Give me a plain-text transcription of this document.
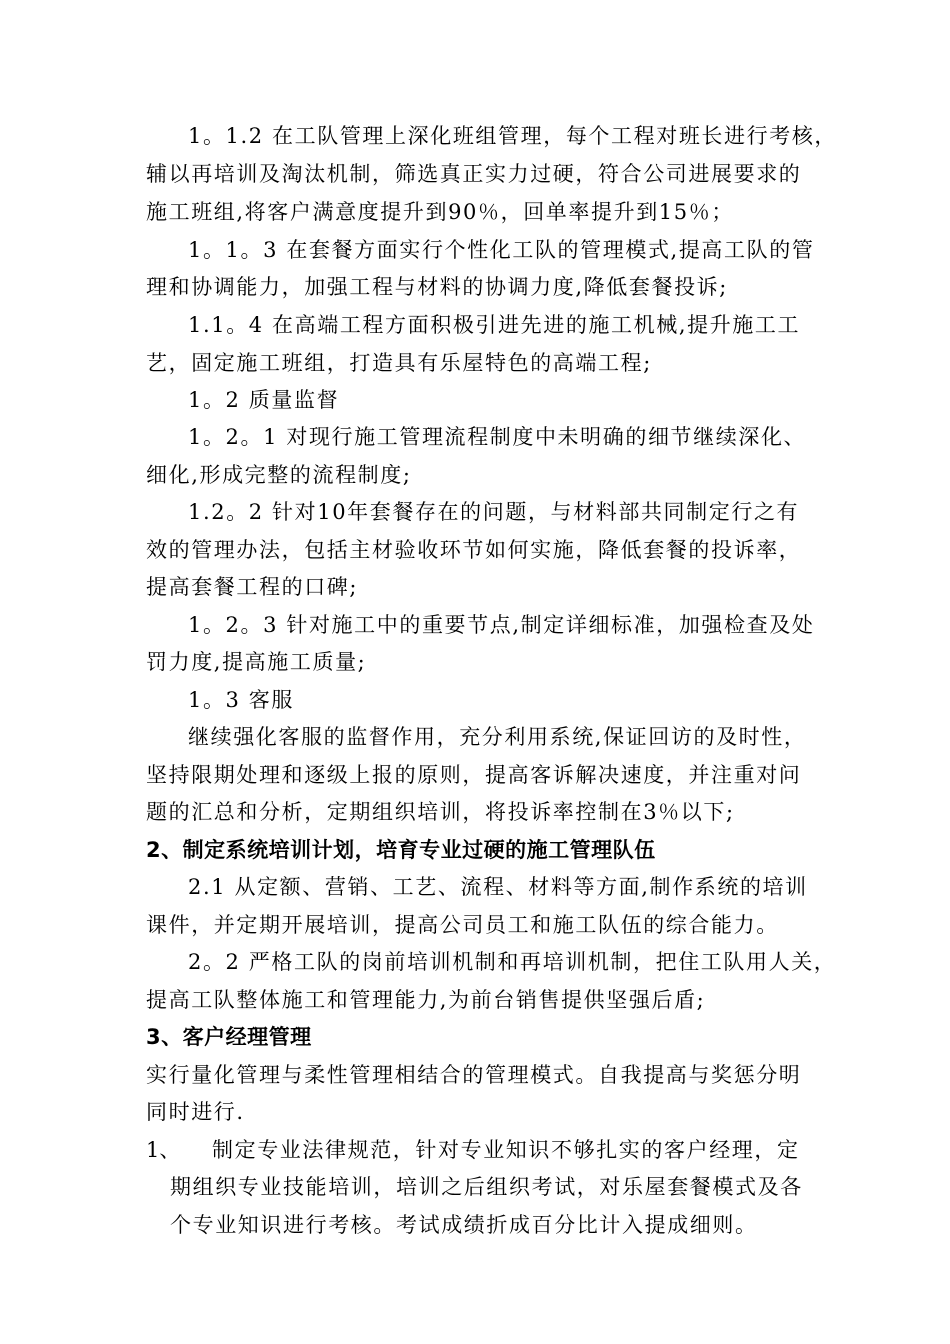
1。1.2 在工队管理上深化班组管理，每个工程对班长进行考核，
辅以再培训及淘汰机制，筛选真正实力过硬，符合公司进展要求的
施工班组,将客户满意度提升到90％，回单率提升到15％；
1。1。3 在套餐方面实行个性化工队的管理模式,提高工队的管
理和协调能力，加强工程与材料的协调力度,降低套餐投诉;
1.1。4 在高端工程方面积极引进先进的施工机械,提升施工工
艺，固定施工班组，打造具有乐屋特色的高端工程;
1。2 质量监督
1。2。1 对现行施工管理流程制度中未明确的细节继续深化、
细化,形成完整的流程制度;
1.2。2 针对10年套餐存在的问题，与材料部共同制定行之有
效的管理办法，包括主材验收环节如何实施，降低套餐的投诉率，
提高套餐工程的口碑;
1。2。3 针对施工中的重要节点,制定详细标准，加强检查及处
罚力度,提高施工质量;
1。3 客服
继续强化客服的监督作用，充分利用系统,保证回访的及时性，
坚持限期处理和逐级上报的原则，提高客诉解决速度，并注重对问
题的汇总和分析，定期组织培训，将投诉率控制在3％以下;
2、制定系统培训计划，培育专业过硬的施工管理队伍
2.1 从定额、营销、工艺、流程、材料等方面,制作系统的培训
课件，并定期开展培训，提高公司员工和施工队伍的综合能力。
2。2 严格工队的岗前培训机制和再培训机制，把住工队用人关，
提高工队整体施工和管理能力,为前台销售提供坚强后盾;
3、客户经理管理
实行量化管理与柔性管理相结合的管理模式。自我提高与奖惩分明
同时进行.
1、 制定专业法律规范，针对专业知识不够扎实的客户经理，定
期组织专业技能培训，培训之后组织考试，对乐屋套餐模式及各
个专业知识进行考核。考试成绩折成百分比计入提成细则。
